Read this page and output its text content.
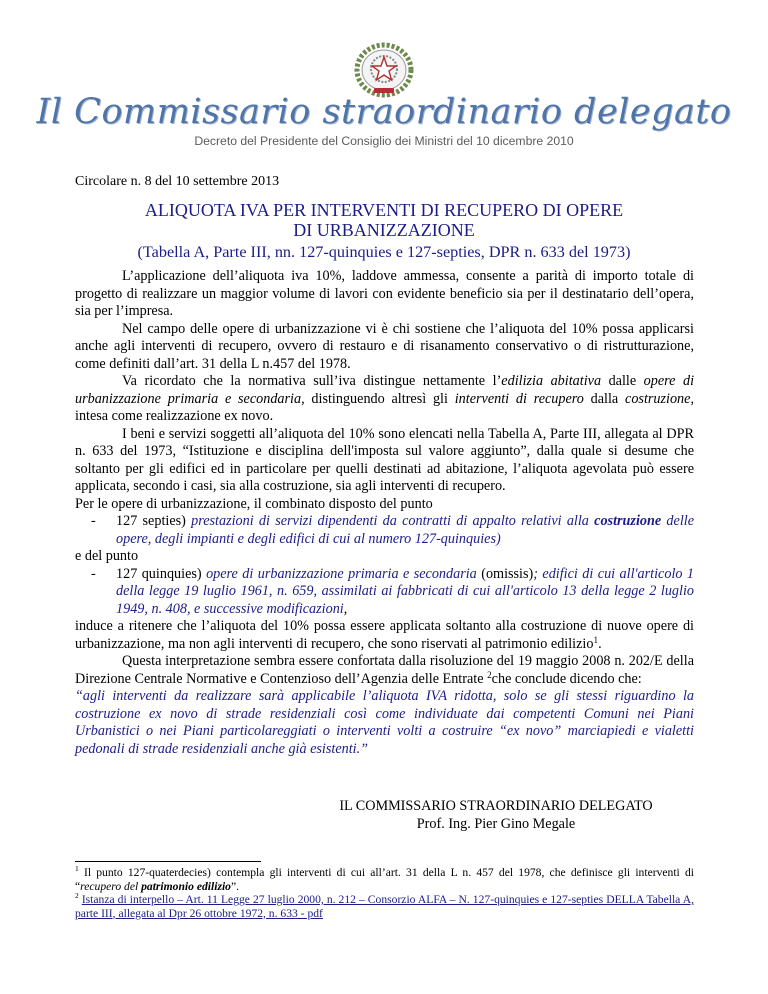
Il Commissario straordinario delegato
Decreto del Presidente del Consiglio dei Ministri del 10 dicembre 2010
Circolare n. 8 del 10 settembre 2013
ALIQUOTA IVA PER INTERVENTI DI RECUPERO DI OPERE
DI URBANIZZAZIONE
(Tabella A, Parte III, nn. 127-quinquies e 127-septies, DPR n. 633 del 1973)

L’applicazione dell’aliquota iva 10%, laddove ammessa, consente a parità di importo totale di progetto di realizzare un maggior volume di lavori con evidente beneficio sia per il destinatario dell’opera, sia per l’impresa.

Nel campo delle opere di urbanizzazione vi è chi sostiene che l’aliquota del 10% possa applicarsi anche agli interventi di recupero, ovvero di restauro e di risanamento conservativo o di ristrutturazione, come definiti dall’art. 31 della L n.457 del 1978.

Va ricordato che la normativa sull’iva distingue nettamente l’edilizia abitativa dalle opere di urbanizzazione primaria e secondaria, distinguendo altresì gli interventi di recupero dalla costruzione, intesa come realizzazione ex novo.

I beni e servizi soggetti all’aliquota del 10% sono elencati nella Tabella A, Parte III, allegata al DPR n. 633 del 1973, “Istituzione e disciplina dell'imposta sul valore aggiunto”, dalla quale si desume che soltanto per gli edifici ed in particolare per quelli destinati ad abitazione, l’aliquota agevolata può essere applicata, secondo i casi, sia alla costruzione, sia agli interventi di recupero.

Per le opere di urbanizzazione, il combinato disposto del punto

-	127 septies) prestazioni di servizi dipendenti da contratti di appalto relativi alla costruzione delle opere, degli impianti e degli edifici di cui al numero 127-quinquies)

e del punto

-	127 quinquies) opere di urbanizzazione primaria e secondaria (omissis); edifici di cui all'articolo 1 della legge 19 luglio 1961, n. 659, assimilati ai fabbricati di cui all'articolo 13 della legge 2 luglio 1949, n. 408, e successive modificazioni,

induce a ritenere che l’aliquota del 10% possa essere applicata soltanto alla costruzione di nuove opere di urbanizzazione, ma non agli interventi di recupero, che sono riservati al patrimonio edilizio$^1$.

Questa interpretazione sembra essere confortata dalla risoluzione del 19 maggio 2008 n. 202/E della Direzione Centrale Normative e Contenzioso dell’Agenzia delle Entrate $^2$che conclude dicendo che:

“agli interventi da realizzare sarà applicabile l’aliquota IVA ridotta, solo se gli stessi riguardino la costruzione ex novo di strade residenziali così come individuate dai competenti Comuni nei Piani Urbanistici o nei Piani particolareggiati o interventi volti a costruire “ex novo” marciapiedi e vialetti pedonali di strade residenziali anche già esistenti.”

IL COMMISSARIO STRAORDINARIO DELEGATO
Prof. Ing. Pier Gino Megale
$^1$ Il punto 127-quaterdecies) contempla gli interventi di cui all’art. 31 della L n. 457 del 1978, che definisce gli interventi di “recupero del patrimonio edilizio”.
$^2$ Istanza di interpello – Art. 11 Legge 27 luglio 2000, n. 212 – Consorzio ALFA – N. 127-quinquies e 127-septies DELLA Tabella A, parte III, allegata al Dpr 26 ottobre 1972, n. 633 - pdf
